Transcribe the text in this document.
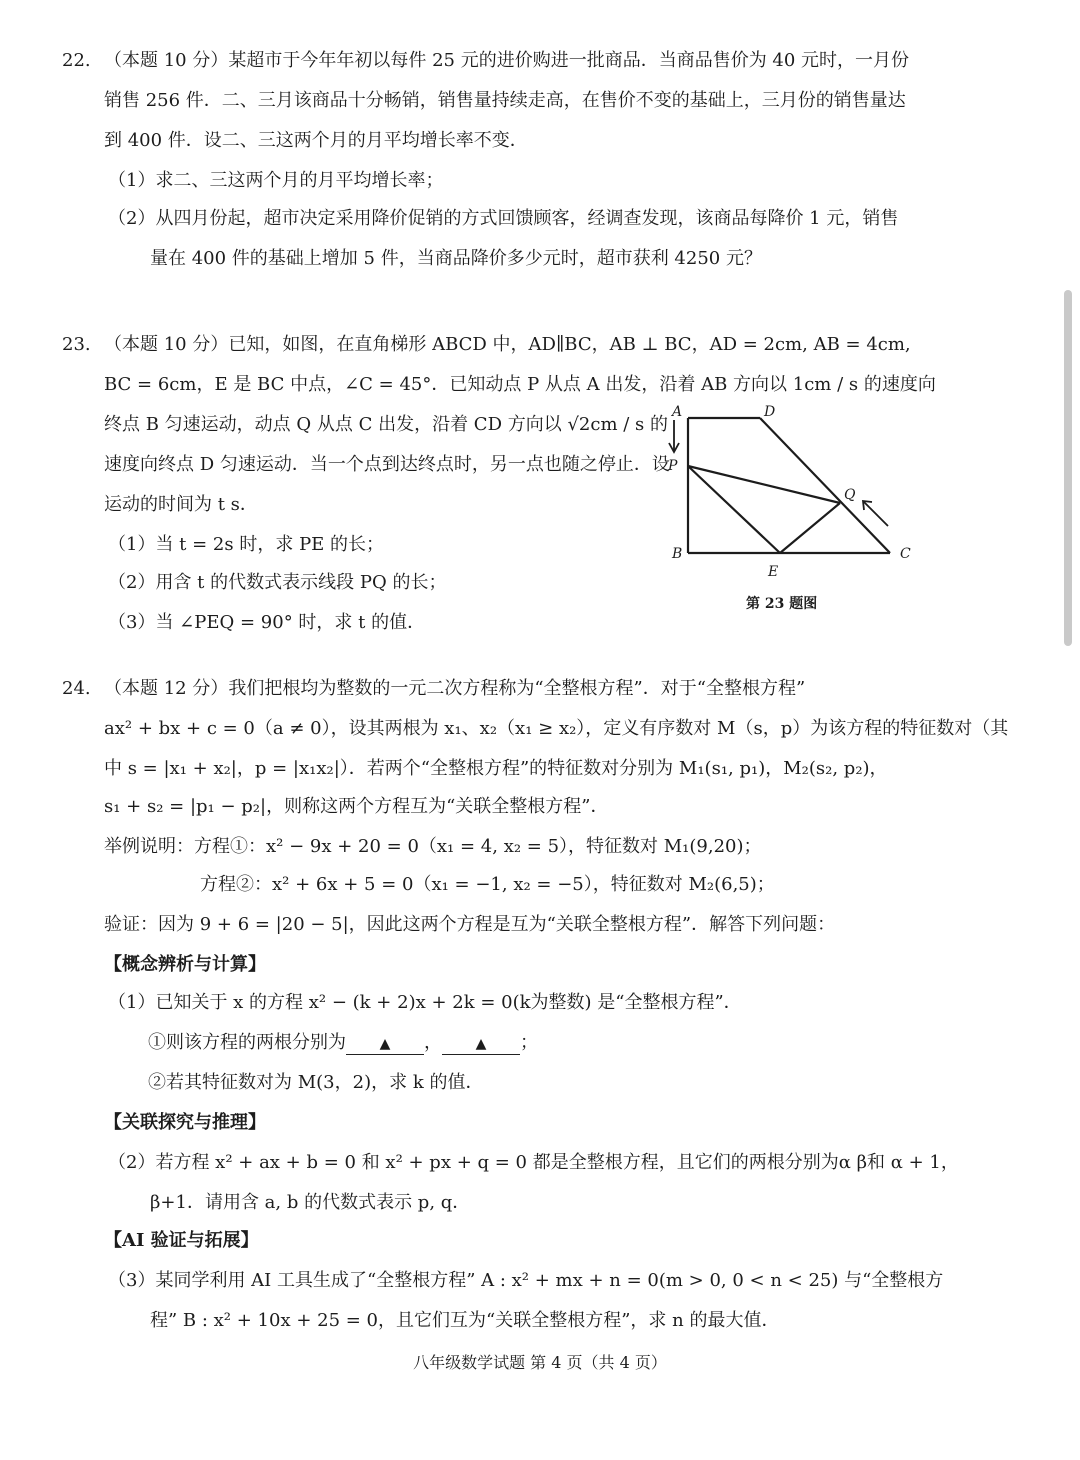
22. （本题 10 分）某超市于今年年初以每件 25 元的进价购进一批商品．当商品售价为 40 元时，一月份
销售 256 件．二、三月该商品十分畅销，销售量持续走高，在售价不变的基础上，三月份的销售量达
到 400 件．设二、三这两个月的月平均增长率不变．
（1）求二、三这两个月的月平均增长率；
（2）从四月份起，超市决定采用降价促销的方式回馈顾客，经调查发现，该商品每降价 1 元，销售
量在 400 件的基础上增加 5 件，当商品降价多少元时，超市获利 4250 元？
23. （本题 10 分）已知，如图，在直角梯形 ABCD 中，AD∥BC，AB ⊥ BC，AD = 2cm, AB = 4cm,
BC = 6cm，E 是 BC 中点，∠C = 45°．已知动点 P 从点 A 出发，沿着 AB 方向以 1cm / s 的速度向
终点 B 匀速运动，动点 Q 从点 C 出发，沿着 CD 方向以 √2cm / s 的
速度向终点 D 匀速运动．当一个点到达终点时，另一点也随之停止．设
运动的时间为 t s．
（1）当 t = 2s 时，求 PE 的长；
（2）用含 t 的代数式表示线段 PQ 的长；
（3）当 ∠PEQ = 90° 时，求 t 的值．
A	D
P
Q
B	C
E
第 23 题图
24. （本题 12 分）我们把根均为整数的一元二次方程称为“全整根方程”．对于“全整根方程”
ax² + bx + c = 0（a ≠ 0），设其两根为 x₁、x₂（x₁ ≥ x₂），定义有序数对 M（s，p）为该方程的特征数对（其
中 s = |x₁ + x₂|，p = |x₁x₂|）．若两个“全整根方程”的特征数对分别为 M₁(s₁, p₁)，M₂(s₂, p₂)，
s₁ + s₂ = |p₁ − p₂|，则称这两个方程互为“关联全整根方程”．
举例说明：方程①：x² − 9x + 20 = 0（x₁ = 4, x₂ = 5），特征数对 M₁(9,20)；
方程②：x² + 6x + 5 = 0（x₁ = −1, x₂ = −5），特征数对 M₂(6,5)；
验证：因为 9 + 6 = |20 − 5|，因此这两个方程是互为“关联全整根方程”．解答下列问题：
【概念辨析与计算】
（1）已知关于 x 的方程 x² − (k + 2)x + 2k = 0(k为整数) 是“全整根方程”．
①则该方程的两根分别为 ▲ ， ▲ ；
②若其特征数对为 M(3，2)，求 k 的值．
【关联探究与推理】
（2）若方程 x² + ax + b = 0 和 x² + px + q = 0 都是全整根方程，且它们的两根分别为α β和 α + 1，
β+1．请用含 a, b 的代数式表示 p, q．
【AI 验证与拓展】
（3）某同学利用 AI 工具生成了“全整根方程” A : x² + mx + n = 0(m > 0, 0 < n < 25) 与“全整根方
程” B : x² + 10x + 25 = 0，且它们互为“关联全整根方程”，求 n 的最大值．
八年级数学试题 第 4 页（共 4 页）
